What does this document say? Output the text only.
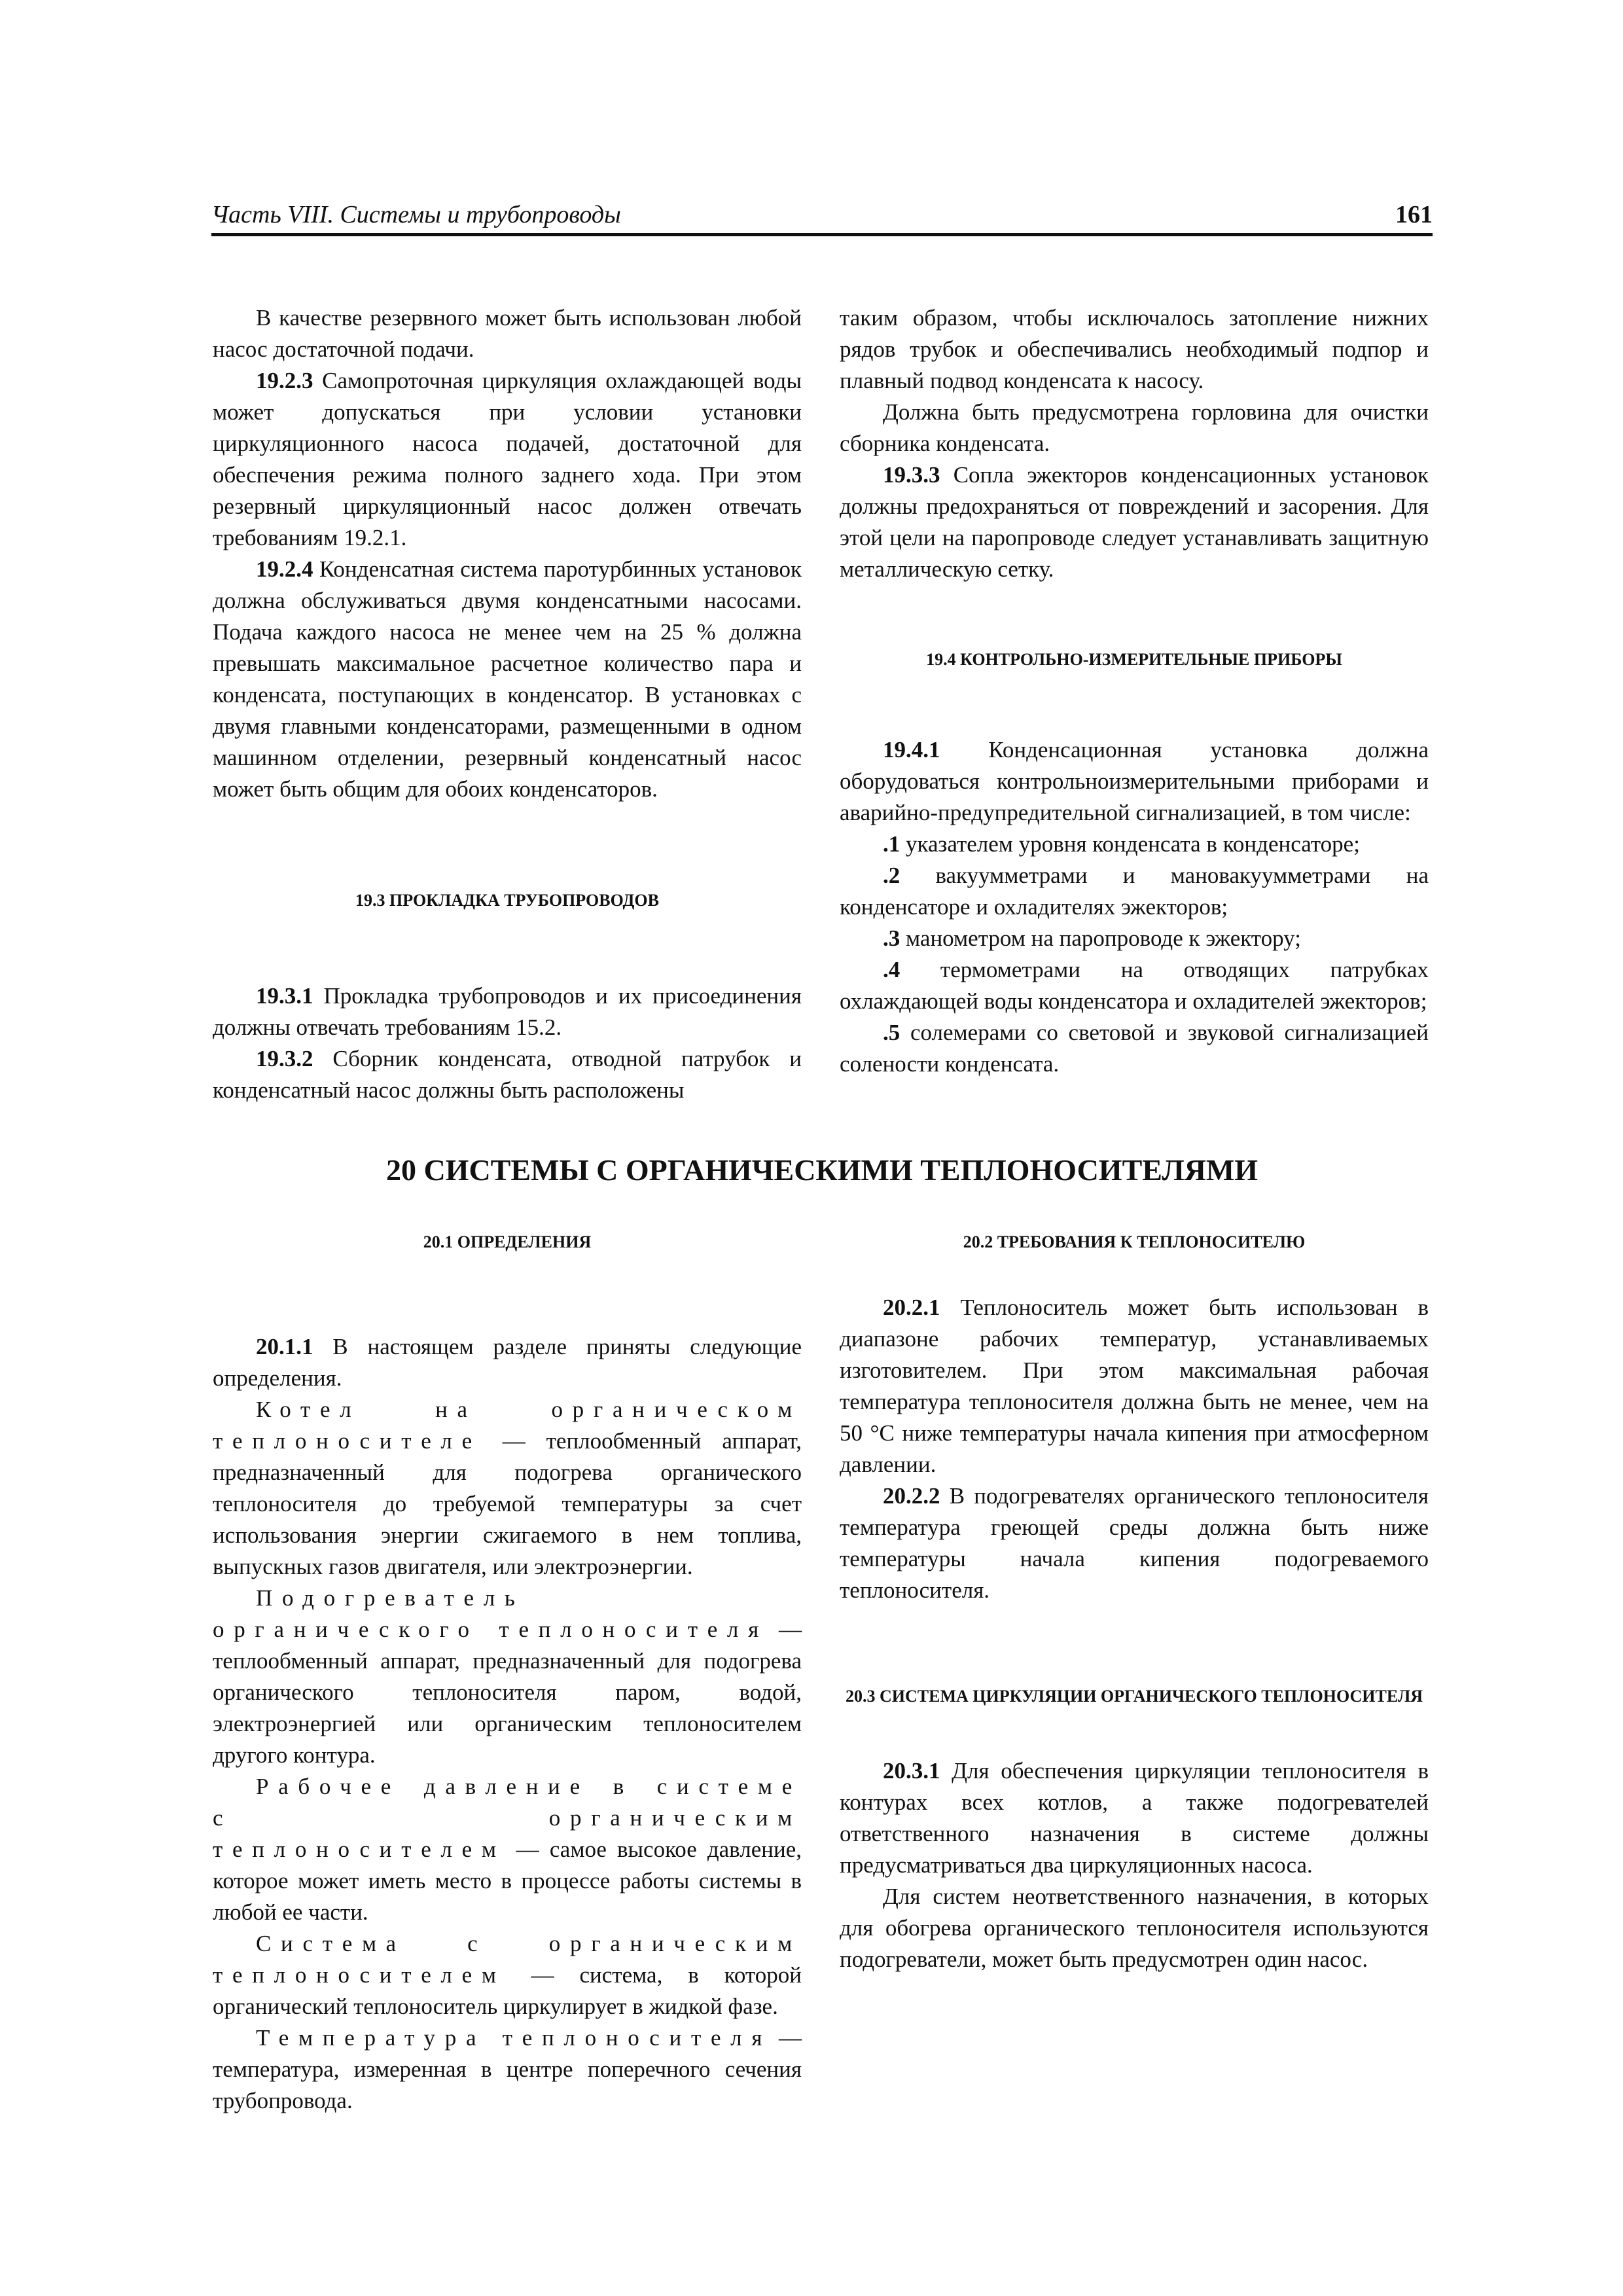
Часть VIII. Системы и трубопроводы	161

В качестве резервного может быть использован любой насос достаточной подачи.

19.2.3 Самопроточная циркуляция охлаждающей воды может допускаться при условии установки циркуляционного насоса подачей, достаточной для обеспечения режима полного заднего хода. При этом резервный циркуляционный насос должен отвечать требованиям 19.2.1.

19.2.4 Конденсатная система паротурбинных установок должна обслуживаться двумя конденсатными насосами. Подача каждого насоса не менее чем на 25 % должна превышать максимальное расчетное количество пара и конденсата, поступающих в конденсатор. В установках с двумя главными конденсаторами, размещенными в одном машинном отделении, резервный конденсатный насос может быть общим для обоих конденсаторов.

19.3 ПРОКЛАДКА ТРУБОПРОВОДОВ

19.3.1 Прокладка трубопроводов и их присоединения должны отвечать требованиям 15.2.

19.3.2 Сборник конденсата, отводной патрубок и конденсатный насос должны быть расположены

таким образом, чтобы исключалось затопление нижних рядов трубок и обеспечивались необходимый подпор и плавный подвод конденсата к насосу.

Должна быть предусмотрена горловина для очистки сборника конденсата.

19.3.3 Сопла эжекторов конденсационных установок должны предохраняться от повреждений и засорения. Для этой цели на паропроводе следует устанавливать защитную металлическую сетку.

19.4 КОНТРОЛЬНО-ИЗМЕРИТЕЛЬНЫЕ ПРИБОРЫ

19.4.1 Конденсационная установка должна оборудоваться контрольноизмерительными приборами и аварийно-предупредительной сигнализацией, в том числе:

.1 указателем уровня конденсата в конденсаторе;

.2 вакуумметрами и мановакуумметрами на конденсаторе и охладителях эжекторов;

.3 манометром на паропроводе к эжектору;

.4 термометрами на отводящих патрубках охлаждающей воды конденсатора и охладителей эжекторов;

.5 солемерами со световой и звуковой сигнализацией солености конденсата.

20 СИСТЕМЫ С ОРГАНИЧЕСКИМИ ТЕПЛОНОСИТЕЛЯМИ
20.1 ОПРЕДЕЛЕНИЯ

20.1.1 В настоящем разделе приняты следующие определения.

Котел на органическом теплоносителе — теплообменный аппарат, предназначенный для подогрева органического теплоносителя до требуемой температуры за счет использования энергии сжигаемого в нем топлива, выпускных газов двигателя, или электроэнергии.

Подогреватель органического теплоносителя — теплообменный аппарат, предназначенный для подогрева органического теплоносителя паром, водой, электроэнергией или органическим теплоносителем другого контура.

Рабочее давление в системе с органическим теплоносителем — самое высокое давление, которое может иметь место в процессе работы системы в любой ее части.

Система с органическим теплоносителем — система, в которой органический теплоноситель циркулирует в жидкой фазе.

Температура теплоносителя — температура, измеренная в центре поперечного сечения трубопровода.

20.2 ТРЕБОВАНИЯ К ТЕПЛОНОСИТЕЛЮ

20.2.1 Теплоноситель может быть использован в диапазоне рабочих температур, устанавливаемых изготовителем. При этом максимальная рабочая температура теплоносителя должна быть не менее, чем на 50 °C ниже температуры начала кипения при атмосферном давлении.

20.2.2 В подогревателях органического теплоносителя температура греющей среды должна быть ниже температуры начала кипения подогреваемого теплоносителя.

20.3 СИСТЕМА ЦИРКУЛЯЦИИ ОРГАНИЧЕСКОГО ТЕПЛОНОСИТЕЛЯ

20.3.1 Для обеспечения циркуляции теплоносителя в контурах всех котлов, а также подогревателей ответственного назначения в системе должны предусматриваться два циркуляционных насоса.

Для систем неответственного назначения, в которых для обогрева органического теплоносителя используются подогреватели, может быть предусмотрен один насос.
